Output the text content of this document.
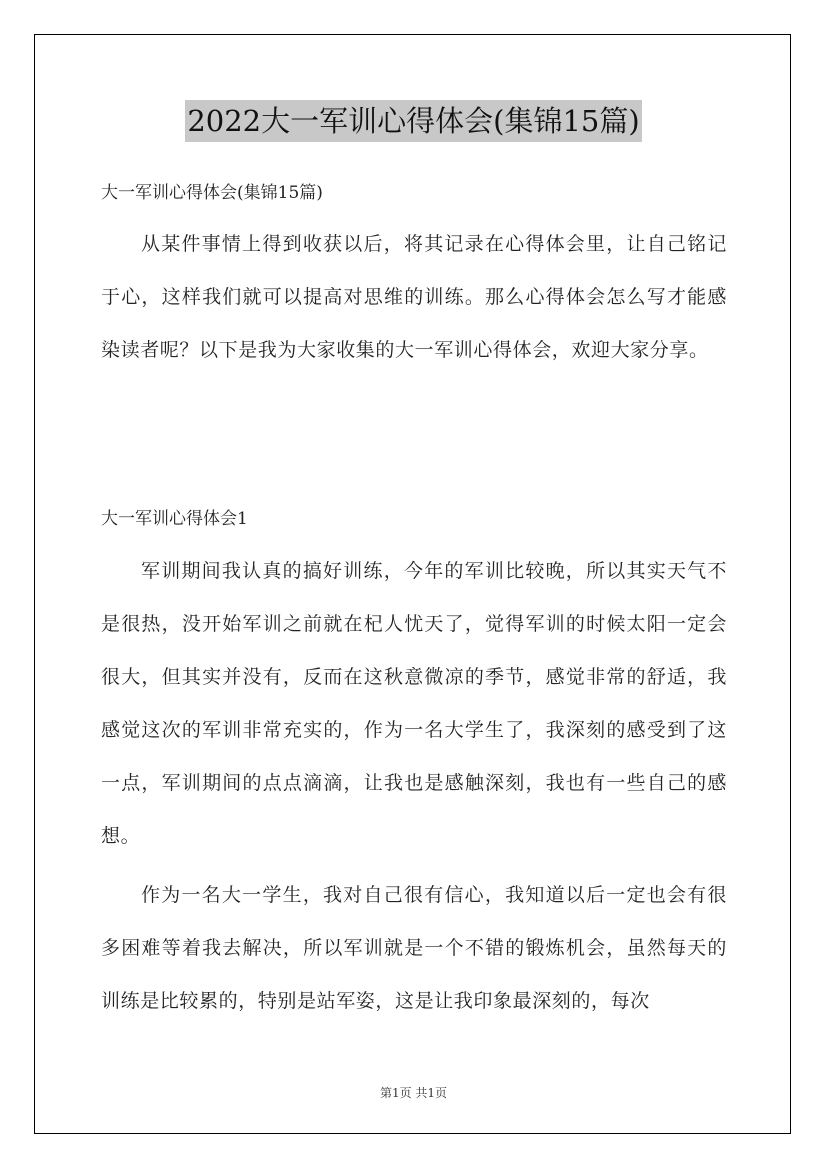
2022大一军训心得体会(集锦15篇)
大一军训心得体会(集锦15篇)

从某件事情上得到收获以后，将其记录在心得体会里，让自己铭记于心，这样我们就可以提高对思维的训练。那么心得体会怎么写才能感染读者呢？以下是我为大家收集的大一军训心得体会，欢迎大家分享。

大一军训心得体会1

军训期间我认真的搞好训练，今年的军训比较晚，所以其实天气不是很热，没开始军训之前就在杞人忧天了，觉得军训的时候太阳一定会很大，但其实并没有，反而在这秋意微凉的季节，感觉非常的舒适，我感觉这次的军训非常充实的，作为一名大学生了，我深刻的感受到了这一点，军训期间的点点滴滴，让我也是感触深刻，我也有一些自己的感想。

作为一名大一学生，我对自己很有信心，我知道以后一定也会有很多困难等着我去解决，所以军训就是一个不错的锻炼机会，虽然每天的训练是比较累的，特别是站军姿，这是让我印象最深刻的，每次

第1页 共1页
